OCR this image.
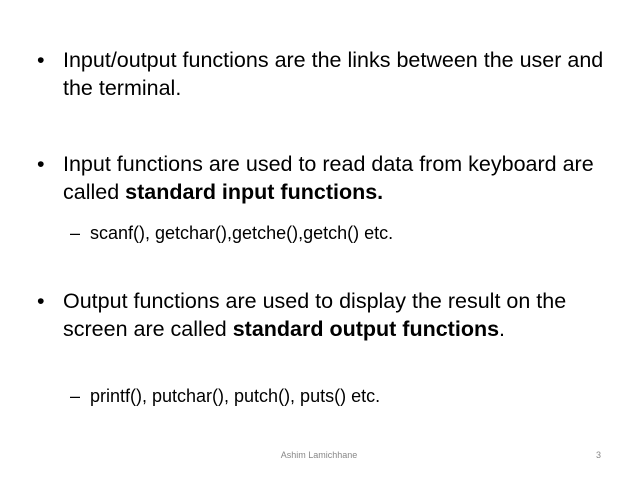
• Input/output functions are the links between the user and the terminal.
• Input functions are used to read data from keyboard are called standard input functions.
– scanf(), getchar(),getche(),getch() etc.
• Output functions are used to display the result on the screen are called standard output functions.
– printf(), putchar(), putch(), puts() etc.
Ashim Lamichhane	3
